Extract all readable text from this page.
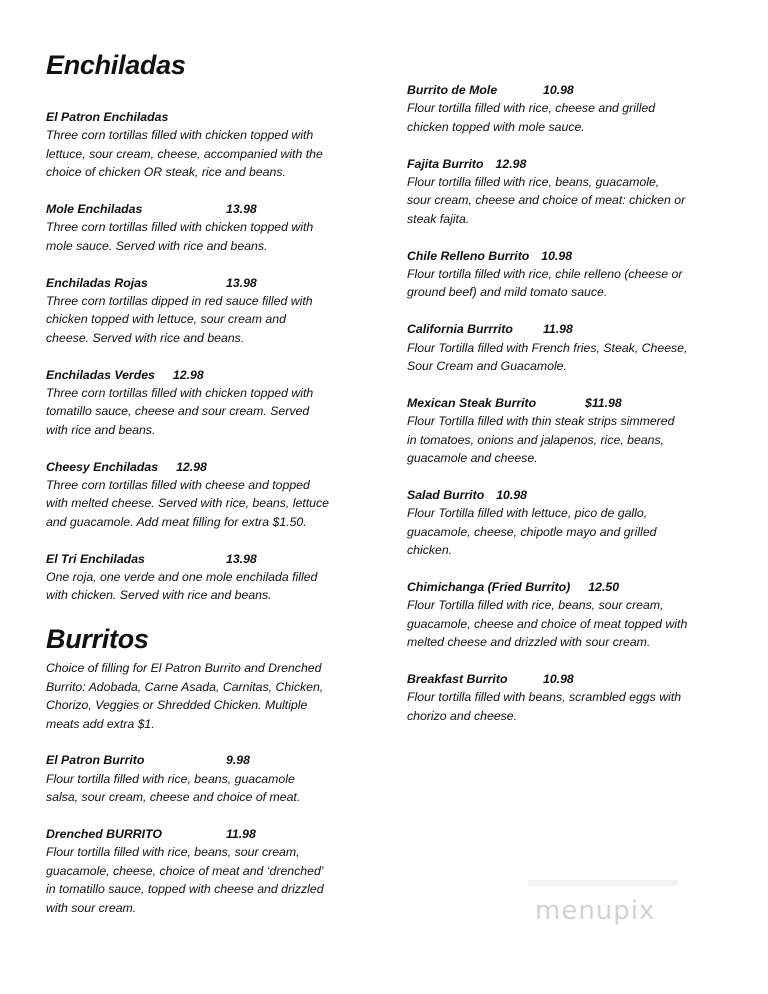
Enchiladas
El Patron Enchiladas
Three corn tortillas filled with chicken topped with
lettuce, sour cream, cheese, accompanied with the
choice of chicken OR steak, rice and beans.
Mole Enchiladas	13.98
Three corn tortillas filled with chicken topped with
mole sauce. Served with rice and beans.
Enchiladas Rojas	13.98
Three corn tortillas dipped in red sauce filled with
chicken topped with lettuce, sour cream and
cheese. Served with rice and beans.
Enchiladas Verdes 12.98
Three corn tortillas filled with chicken topped with
tomatillo sauce, cheese and sour cream. Served
with rice and beans.
Cheesy Enchiladas 12.98
Three corn tortillas filled with cheese and topped
with melted cheese. Served with rice, beans, lettuce
and guacamole. Add meat filling for extra $1.50.
El Tri Enchiladas	13.98
One roja, one verde and one mole enchilada filled
with chicken. Served with rice and beans.
Burritos
Choice of filling for El Patron Burrito and Drenched
Burrito: Adobada, Carne Asada, Carnitas, Chicken,
Chorizo, Veggies or Shredded Chicken. Multiple
meats add extra $1.
El Patron Burrito	9.98
Flour tortilla filled with rice, beans, guacamole
salsa, sour cream, cheese and choice of meat.
Drenched BURRITO	11.98
Flour tortilla filled with rice, beans, sour cream,
guacamole, cheese, choice of meat and ‘drenched’
in tomatillo sauce, topped with cheese and drizzled
with sour cream.
Burrito de Mole	10.98
Flour tortilla filled with rice, cheese and grilled
chicken topped with mole sauce.
Fajita Burrito 12.98
Flour tortilla filled with rice, beans, guacamole,
sour cream, cheese and choice of meat: chicken or
steak fajita.
Chile Relleno Burrito 10.98
Flour tortilla filled with rice, chile relleno (cheese or
ground beef) and mild tomato sauce.
California Burrrito 11.98
Flour Tortilla filled with French fries, Steak, Cheese,
Sour Cream and Guacamole.
Mexican Steak Burrito	$11.98
Flour Tortilla filled with thin steak strips simmered
in tomatoes, onions and jalapenos, rice, beans,
guacamole and cheese.
Salad Burrito 10.98
Flour Tortilla filled with lettuce, pico de gallo,
guacamole, cheese, chipotle mayo and grilled
chicken.
Chimichanga (Fried Burrito) 12.50
Flour Tortilla filled with rice, beans, sour cream,
guacamole, cheese and choice of meat topped with
melted cheese and drizzled with sour cream.
Breakfast Burrito	10.98
Flour tortilla filled with beans, scrambled eggs with
chorizo and cheese.
menupix
